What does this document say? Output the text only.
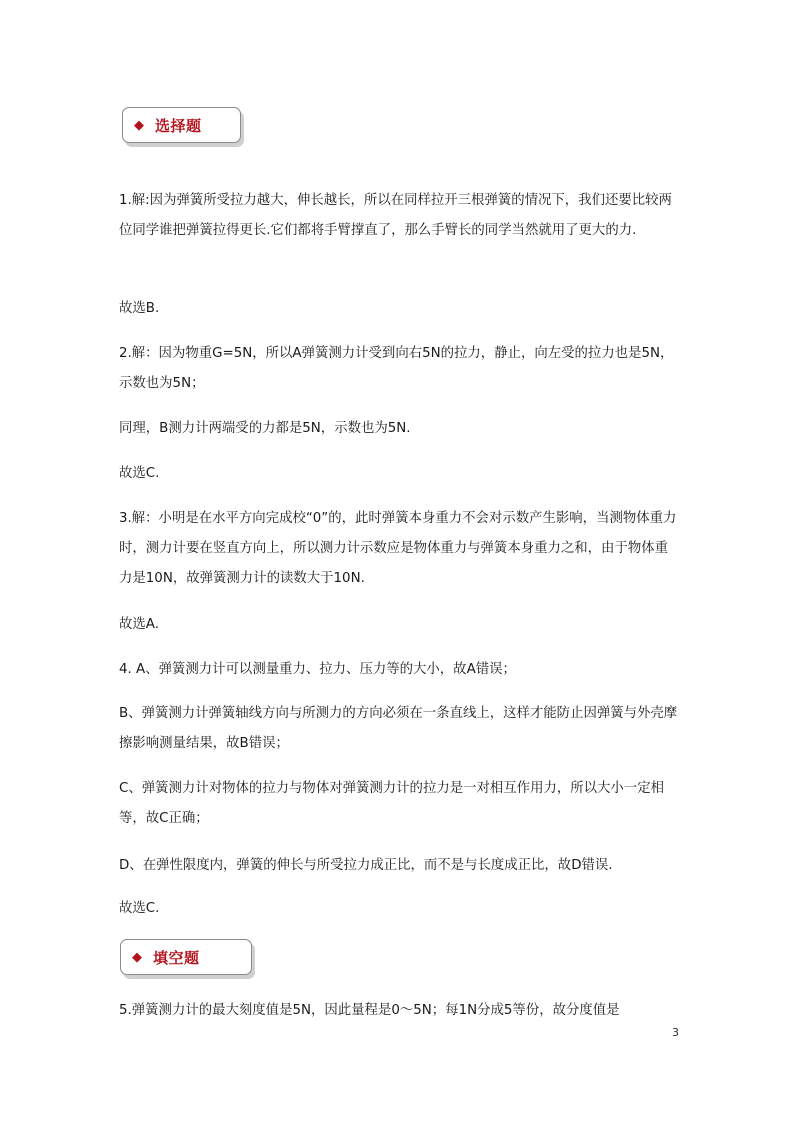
◆ 选择题

1.解:因为弹簧所受拉力越大，伸长越长，所以在同样拉开三根弹簧的情况下，我们还要比较两位同学谁把弹簧拉得更长.它们都将手臂撑直了，那么手臂长的同学当然就用了更大的力.

故选B.

2.解：因为物重G=5N，所以A弹簧测力计受到向右5N的拉力，静止，向左受的拉力也是5N，示数也为5N；

同理，B测力计两端受的力都是5N，示数也为5N.

故选C.

3.解：小明是在水平方向完成校“0”的，此时弹簧本身重力不会对示数产生影响，当测物体重力时，测力计要在竖直方向上，所以测力计示数应是物体重力与弹簧本身重力之和，由于物体重力是10N，故弹簧测力计的读数大于10N.

故选A.

4. A、弹簧测力计可以测量重力、拉力、压力等的大小，故A错误；

B、弹簧测力计弹簧轴线方向与所测力的方向必须在一条直线上，这样才能防止因弹簧与外壳摩擦影响测量结果，故B错误；

C、弹簧测力计对物体的拉力与物体对弹簧测力计的拉力是一对相互作用力，所以大小一定相等，故C正确；

D、在弹性限度内，弹簧的伸长与所受拉力成正比，而不是与长度成正比，故D错误.

故选C.

◆ 填空题

5.弹簧测力计的最大刻度值是5N，因此量程是0～5N；每1N分成5等份，故分度值是

3
